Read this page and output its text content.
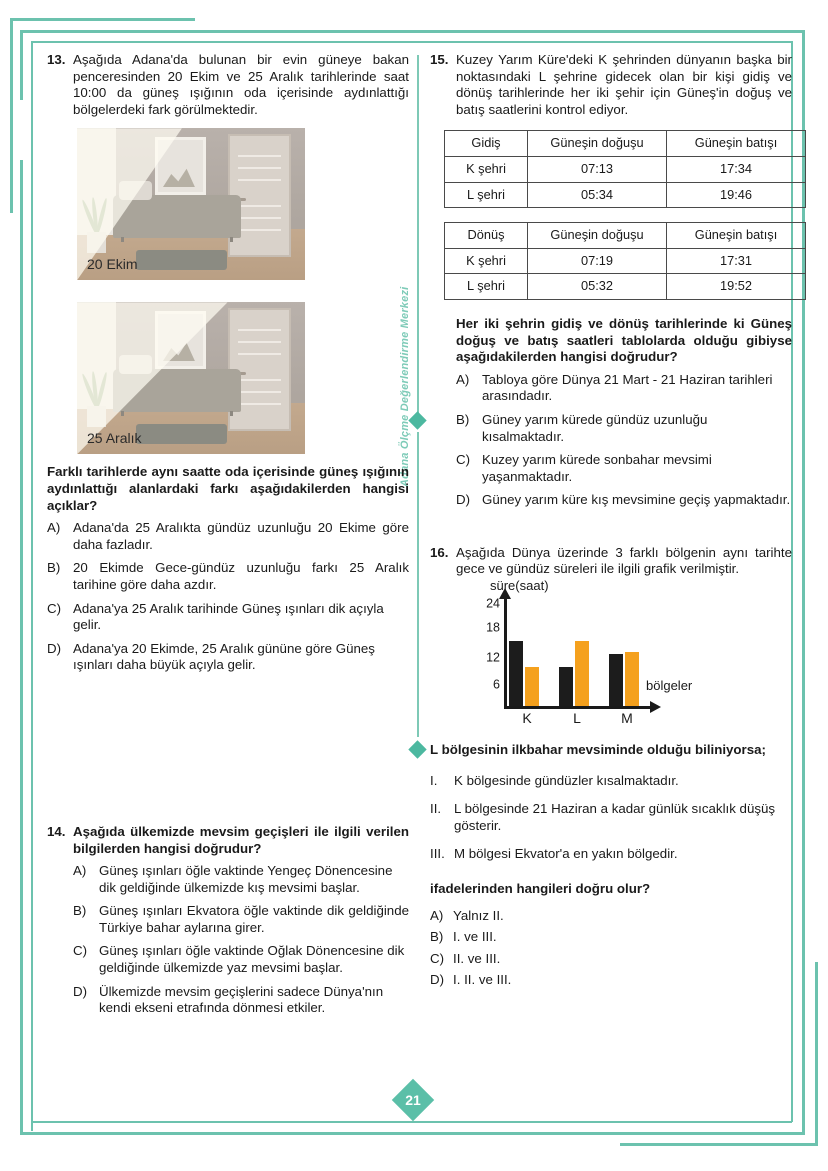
Adana Ölçme Değerlendirme Merkezi
13. Aşağıda Adana'da bulunan bir evin güneye bakan penceresinden 20 Ekim ve 25 Aralık tarihlerinde saat 10:00 da güneş ışığının oda içerisinde aydınlattığı bölgelerdeki fark görülmektedir.
20 Ekim
25 Aralık
Farklı tarihlerde aynı saatte oda içerisinde güneş ışığının aydınlattığı alanlardaki farkı aşağıdakilerden hangisi açıklar?
A) Adana'da 25 Aralıkta gündüz uzunluğu 20 Ekime göre daha fazladır.
B) 20 Ekimde Gece-gündüz uzunluğu farkı 25 Aralık tarihine göre daha azdır.
C) Adana'ya 25 Aralık tarihinde Güneş ışınları dik açıyla gelir.
D) Adana'ya 20 Ekimde, 25 Aralık gününe göre Güneş ışınları daha büyük açıyla gelir.
14. Aşağıda ülkemizde mevsim geçişleri ile ilgili verilen bilgilerden hangisi doğrudur?
A) Güneş ışınları öğle vaktinde Yengeç Dönencesine dik geldiğinde ülkemizde kış mevsimi başlar.
B) Güneş ışınları Ekvatora öğle vaktinde dik geldiğinde Türkiye bahar aylarına girer.
C) Güneş ışınları öğle vaktinde Oğlak Dönencesine dik geldiğinde ülkemizde yaz mevsimi başlar.
D) Ülkemizde mevsim geçişlerini sadece Dünya'nın kendi ekseni etrafında dönmesi etkiler.
15. Kuzey Yarım Küre'deki K şehrinden dünyanın başka bir noktasındaki L şehrine gidecek olan bir kişi gidiş ve dönüş tarihlerinde her iki şehir için Güneş'in doğuş ve batış saatlerini kontrol ediyor.
Gidiş	Güneşin doğuşu	Güneşin batışı
K şehri	07:13	17:34
L şehri	05:34	19:46
Dönüş	Güneşin doğuşu	Güneşin batışı
K şehri	07:19	17:31
L şehri	05:32	19:52
Her iki şehrin gidiş ve dönüş tarihlerinde ki Güneş doğuş ve batış saatleri tablolarda olduğu gibiyse aşağıdakilerden hangisi doğrudur?
A) Tabloya göre Dünya 21 Mart - 21 Haziran tarihleri arasındadır.
B) Güney yarım kürede gündüz uzunluğu kısalmaktadır.
C) Kuzey yarım kürede sonbahar mevsimi yaşanmaktadır.
D) Güney yarım küre kış mevsimine geçiş yapmaktadır.
16. Aşağıda Dünya üzerinde 3 farklı bölgenin aynı tarihte gece ve gündüz süreleri ile ilgili grafik verilmiştir.
süre(saat)
bölgeler
24
18
12
6
K	L	M
L bölgesinin ilkbahar mevsiminde olduğu biliniyorsa;
I.	K bölgesinde gündüzler kısalmaktadır.
II. L bölgesinde 21 Haziran a kadar günlük sıcaklık düşüş gösterir.
III. M bölgesi Ekvator'a en yakın bölgedir.
ifadelerinden hangileri doğru olur?
A) Yalnız II.
B) I. ve III.
C) II. ve III.
D) I. II. ve III.
21
